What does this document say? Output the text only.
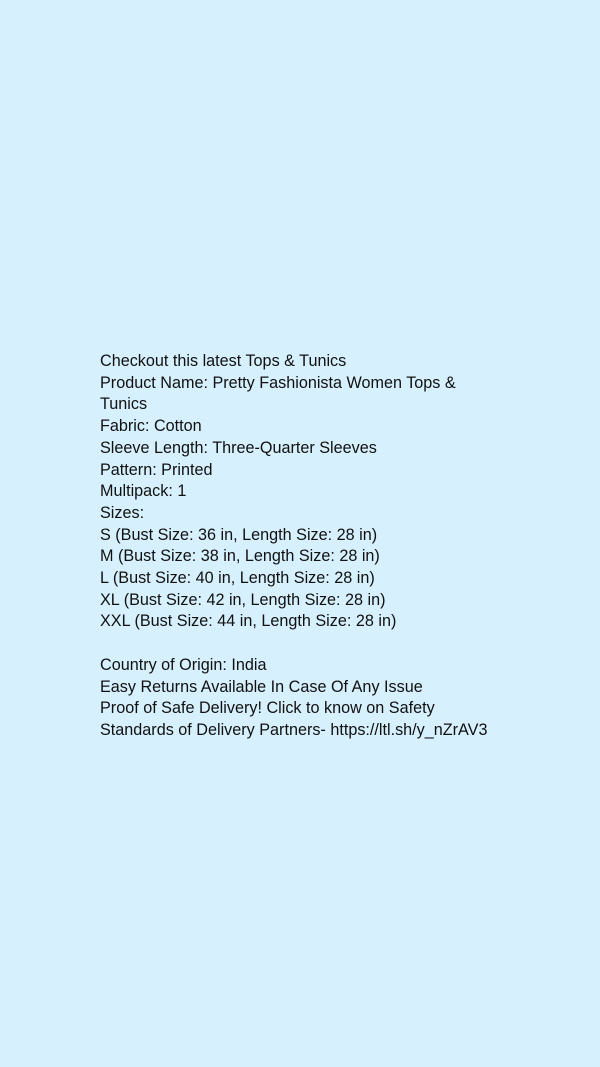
Checkout this latest Tops & Tunics
Product Name: Pretty Fashionista Women Tops &
Tunics
Fabric: Cotton
Sleeve Length: Three-Quarter Sleeves
Pattern: Printed
Multipack: 1
Sizes:
S (Bust Size: 36 in, Length Size: 28 in)
M (Bust Size: 38 in, Length Size: 28 in)
L (Bust Size: 40 in, Length Size: 28 in)
XL (Bust Size: 42 in, Length Size: 28 in)
XXL (Bust Size: 44 in, Length Size: 28 in)
Country of Origin: India
Easy Returns Available In Case Of Any Issue
Proof of Safe Delivery! Click to know on Safety
Standards of Delivery Partners- https://ltl.sh/y_nZrAV3
